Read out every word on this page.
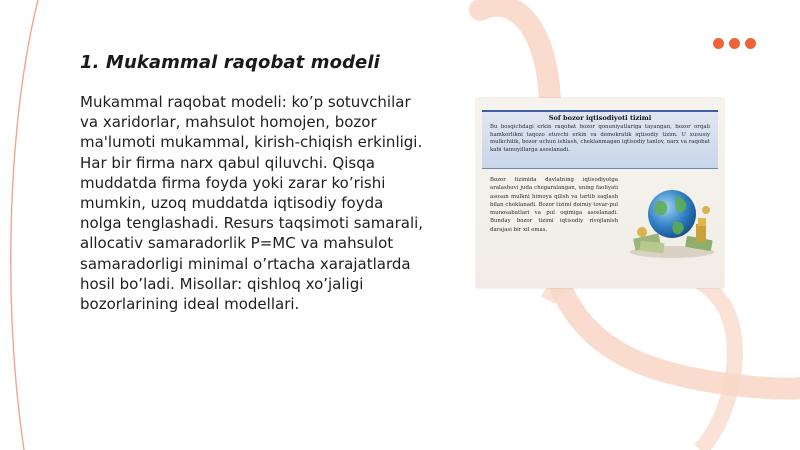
1. Mukammal raqobat modeli

Mukammal raqobat modeli: ko’p sotuvchilar va xaridorlar, mahsulot homojen, bozor ma'lumoti mukammal, kirish-chiqish erkinligi. Har bir firma narx qabul qiluvchi. Qisqa muddatda firma foyda yoki zarar ko’rishi mumkin, uzoq muddatda iqtisodiy foyda nolga tenglashadi. Resurs taqsimoti samarali, allocativ samaradorlik P=MC va mahsulot samaradorligi minimal o’rtacha xarajatlarda hosil bo’ladi. Misollar: qishloq xo’jaligi bozorlarining ideal modellari.

Sof bozor iqtisodiyoti tizimi
Bu bosqichdagi erkin raqobat bozor qonuniyatlariga tayangan, bozor orqali hamkorlikni taqozo etuvchi erkin va demokratik iqtisodiy tizim. U xususiy mulkchilik, bozor uchun ishlash, cheklanmagan iqtisodiy tanlov, narx va raqobat kabi tamoyillarga asoslanadi.
Bozor tizimida davlatning iqtisodiyotga aralashuvi juda chegaralangan, uning faoliyati asosan mulkni himoya qilish va tartib saqlash bilan cheklanadi. Bozor tizimi doimiy tovar-pul munosabatlari va pul oqimiga asoslanadi. Bunday bozor tizimi iqtisodiy rivojlanish darajasi bir xil emas.
